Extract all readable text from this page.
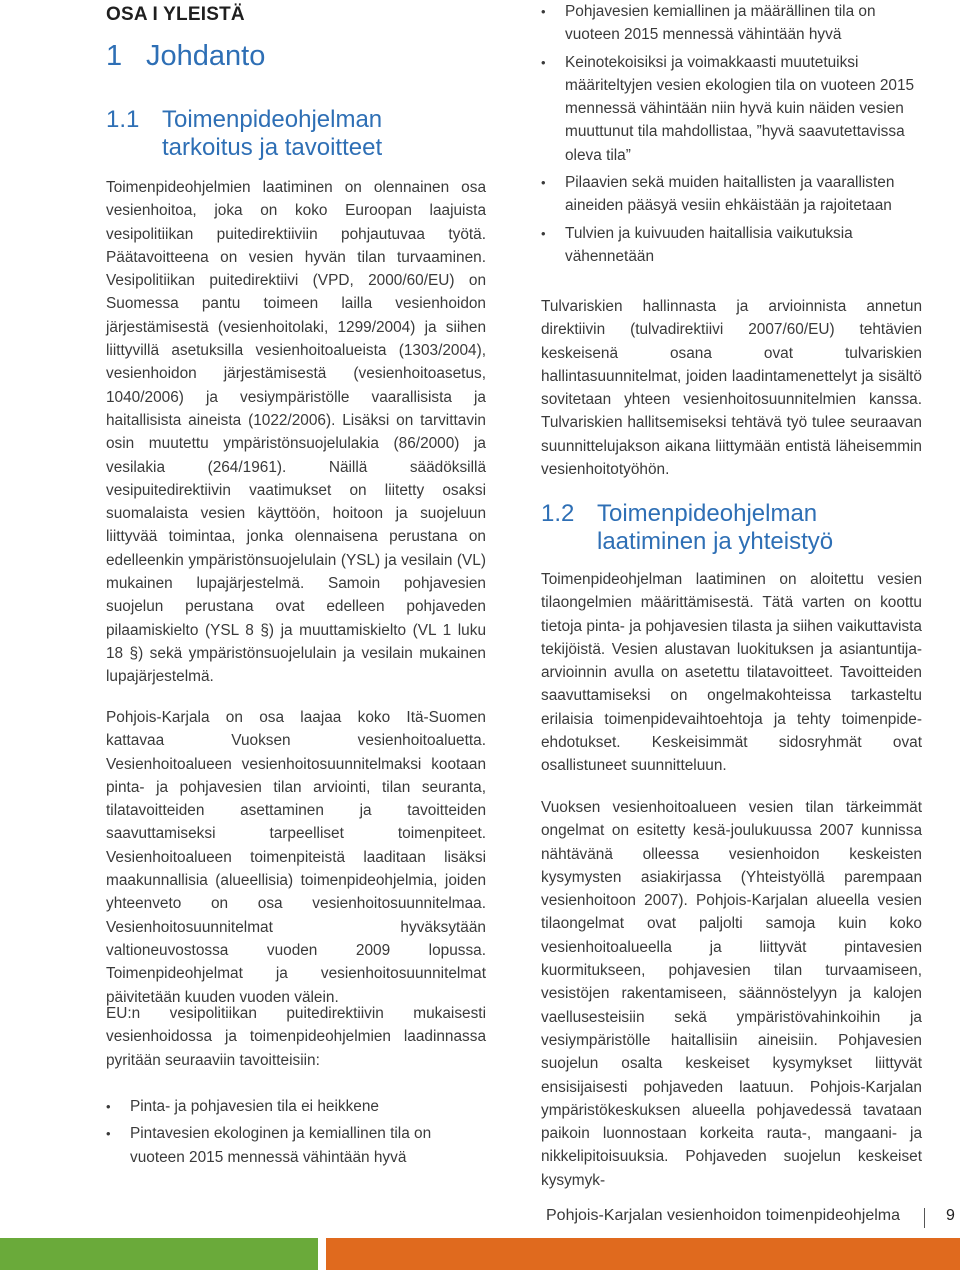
OSA I YLEISTÄ
1 Johdanto
1.1 Toimenpideohjelman
tarkoitus ja tavoitteet

Toimenpideohjelmien laatiminen on olennainen osa vesienhoitoa, joka on koko Euroopan laajuista vesipolitiikan puitedirektiiviin pohjautuvaa työtä. Päätavoitteena on vesien hyvän tilan turvaaminen. Vesipolitiikan puitedirektiivi (VPD, 2000/60/EU) on Suomessa pantu toimeen lailla vesienhoidon järjestämisestä (vesienhoitolaki, 1299/2004) ja siihen liittyvillä asetuksilla vesienhoitoalueista (1303/2004), vesienhoidon järjestämisestä (vesienhoitoasetus, 1040/2006) ja vesiympäristölle vaarallisista ja haitallisista aineista (1022/2006). Lisäksi on tarvittavin osin muutettu ympäristönsuojelulakia (86/2000) ja vesilakia (264/1961). Näillä säädöksillä vesipuitedirektiivin vaatimukset on liitetty osaksi suomalaista vesien käyttöön, hoitoon ja suojeluun liittyvää toimintaa, jonka olennaisena perustana on edelleenkin ympäristönsuojelulain (YSL) ja vesilain (VL) mukainen lupajärjestelmä. Samoin pohjavesien suojelun perustana ovat edelleen pohjaveden pilaamiskielto (YSL 8 §) ja muuttamiskielto (VL 1 luku 18 §) sekä ympäristönsuojelulain ja vesilain mukainen lupajärjestelmä.

Pohjois-Karjala on osa laajaa koko Itä-Suomen kattavaa Vuoksen vesienhoitoaluetta. Vesienhoitoalueen vesienhoitosuunnitelmaksi kootaan pinta- ja pohjavesien tilan arviointi, tilan seuranta, tilatavoitteiden asettaminen ja tavoitteiden saavuttamiseksi tarpeelliset toimenpiteet. Vesienhoitoalueen toimenpiteistä laaditaan lisäksi maakunnallisia (alueellisia) toimenpideohjelmia, joiden yhteenveto on osa vesienhoitosuunnitelmaa. Vesienhoitosuunnitelmat hyväksytään valtioneuvostossa vuoden 2009 lopussa. Toimenpideohjelmat ja vesienhoitosuunnitelmat päivitetään kuuden vuoden välein.

EU:n vesipolitiikan puitedirektiivin mukaisesti vesienhoidossa ja toimenpideohjelmien laadinnassa pyritään seuraaviin tavoitteisiin:

• Pinta- ja pohjavesien tila ei heikkene
• Pintavesien ekologinen ja kemiallinen tila on vuoteen 2015 mennessä vähintään hyvä
• Pohjavesien kemiallinen ja määrällinen tila on vuoteen 2015 mennessä vähintään hyvä
• Keinotekoisiksi ja voimakkaasti muutetuiksi määriteltyjen vesien ekologien tila on vuoteen 2015 mennessä vähintään niin hyvä kuin näiden vesien muuttunut tila mahdollistaa, ”hyvä saavutettavissa oleva tila”
• Pilaavien sekä muiden haitallisten ja vaarallisten aineiden pääsyä vesiin ehkäistään ja rajoitetaan
• Tulvien ja kuivuuden haitallisia vaikutuksia vähennetään

Tulvariskien hallinnasta ja arvioinnista annetun direktiivin (tulvadirektiivi 2007/60/EU) tehtävien keskeisenä osana ovat tulvariskien hallintasuunnitelmat, joiden laadintamenettelyt ja sisältö sovitetaan yhteen vesienhoitosuunnitelmien kanssa. Tulvariskien hallitsemiseksi tehtävä työ tulee seuraavan suunnittelujakson aikana liittymään entistä läheisemmin vesienhoitotyöhön.

1.2 Toimenpideohjelman
laatiminen ja yhteistyö

Toimenpideohjelman laatiminen on aloitettu vesien tilaongelmien määrittämisestä. Tätä varten on koottu tietoja pinta- ja pohjavesien tilasta ja siihen vaikuttavista tekijöistä. Vesien alustavan luokituksen ja asiantuntija-arvioinnin avulla on asetettu tilatavoitteet. Tavoitteiden saavuttamiseksi on ongelmakohteissa tarkasteltu erilaisia toimenpidevaihtoehtoja ja tehty toimenpide-ehdotukset. Keskeisimmät sidosryhmät ovat osallistuneet suunnitteluun.

Vuoksen vesienhoitoalueen vesien tilan tärkeimmät ongelmat on esitetty kesä-joulukuussa 2007 kunnissa nähtävänä olleessa vesienhoidon keskeisten kysymysten asiakirjassa (Yhteistyöllä parempaan vesienhoitoon 2007). Pohjois-Karjalan alueella vesien tilaongelmat ovat paljolti samoja kuin koko vesienhoitoalueella ja liittyvät pintavesien kuormitukseen, pohjavesien tilan turvaamiseen, vesistöjen rakentamiseen, säännöstelyyn ja kalojen vaellusesteisiin sekä ympäristövahinkoihin ja vesiympäristölle haitallisiin aineisiin. Pohjavesien suojelun osalta keskeiset kysymykset liittyvät ensisijaisesti pohjaveden laatuun. Pohjois-Karjalan ympäristökeskuksen alueella pohjavedessä tavataan paikoin luonnostaan korkeita rauta-, mangaani- ja nikkelipitoisuuksia. Pohjaveden suojelun keskeiset kysymyk-

Pohjois-Karjalan vesienhoidon toimenpideohjelma	9
